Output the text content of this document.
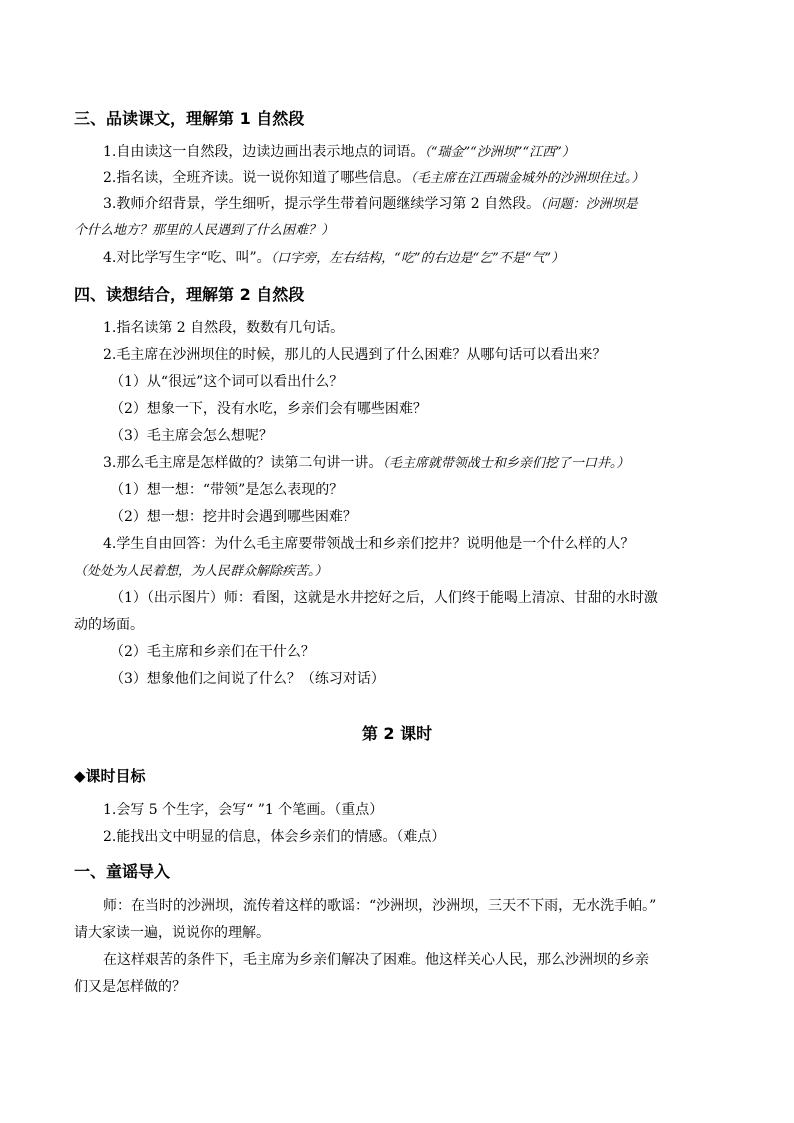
三、品读课文，理解第 1 自然段
1.自由读这一自然段，边读边画出表示地点的词语。（“瑞金”“沙洲坝”“江西”）
2.指名读，全班齐读。说一说你知道了哪些信息。（毛主席在江西瑞金城外的沙洲坝住过。）
3.教师介绍背景，学生细听，提示学生带着问题继续学习第 2 自然段。（问题：沙洲坝是
个什么地方？那里的人民遇到了什么困难？）
4.对比学写生字“吃、叫”。（口字旁，左右结构，“吃”的右边是“乞”不是“气”）
四、读想结合，理解第 2 自然段
1.指名读第 2 自然段，数数有几句话。
2.毛主席在沙洲坝住的时候，那儿的人民遇到了什么困难？从哪句话可以看出来？
（1）从“很远”这个词可以看出什么？
（2）想象一下，没有水吃，乡亲们会有哪些困难？
（3）毛主席会怎么想呢？
3.那么毛主席是怎样做的？读第二句讲一讲。（毛主席就带领战士和乡亲们挖了一口井。）
（1）想一想：“带领”是怎么表现的？
（2）想一想：挖井时会遇到哪些困难？
4.学生自由回答：为什么毛主席要带领战士和乡亲们挖井？说明他是一个什么样的人？
（处处为人民着想，为人民群众解除疾苦。）
（1）（出示图片）师：看图，这就是水井挖好之后，人们终于能喝上清凉、甘甜的水时激
动的场面。
（2）毛主席和乡亲们在干什么？
（3）想象他们之间说了什么？（练习对话）
第 2 课时
◆课时目标
1.会写 5 个生字，会写“ ”1 个笔画。（重点）
2.能找出文中明显的信息，体会乡亲们的情感。（难点）
一、童谣导入
师：在当时的沙洲坝，流传着这样的歌谣：“沙洲坝，沙洲坝，三天不下雨，无水洗手帕。”
请大家读一遍，说说你的理解。
在这样艰苦的条件下，毛主席为乡亲们解决了困难。他这样关心人民，那么沙洲坝的乡亲
们又是怎样做的？
